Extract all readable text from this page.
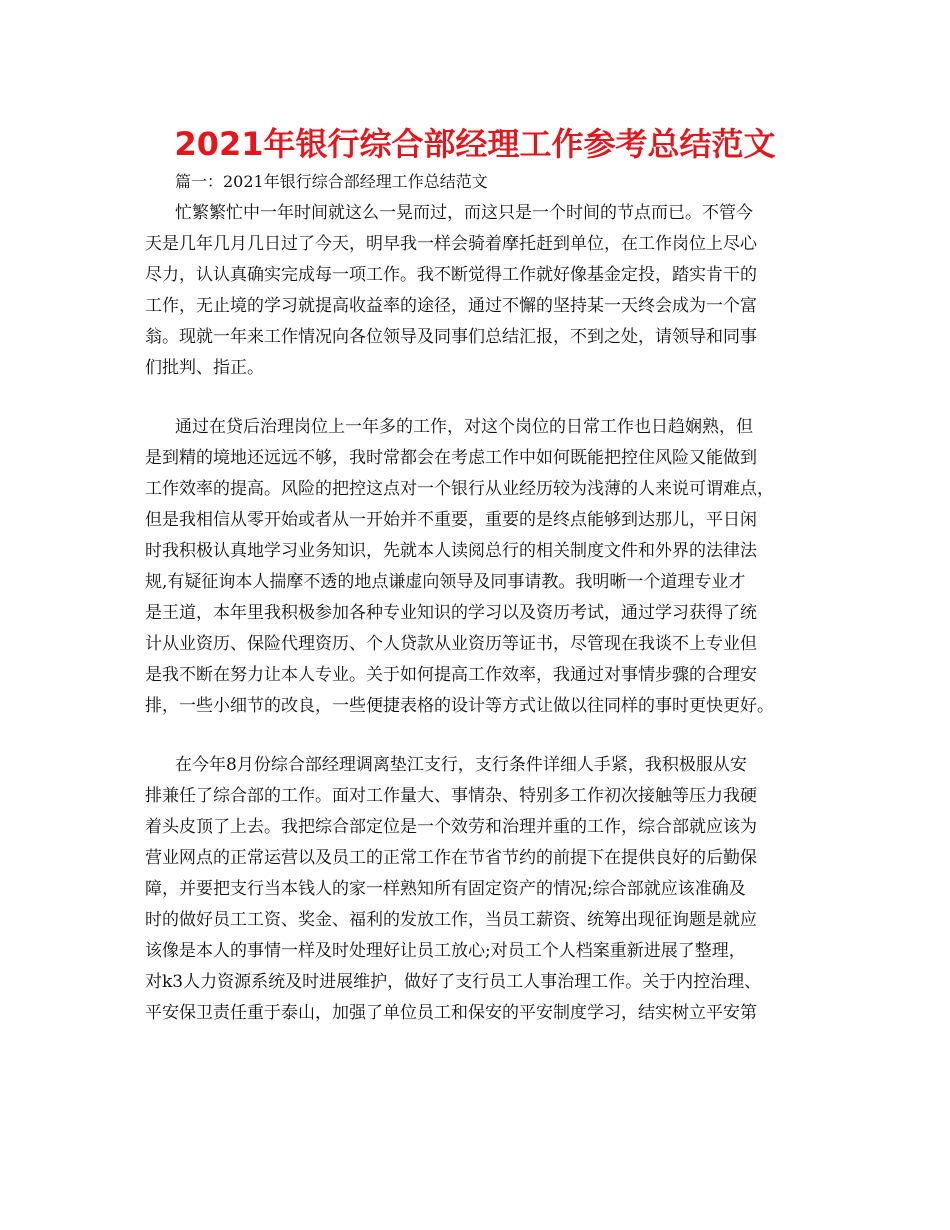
2021年银行综合部经理工作参考总结范文
篇一：2021年银行综合部经理工作总结范文
忙繁繁忙中一年时间就这么一晃而过，而这只是一个时间的节点而已。不管今
天是几年几月几日过了今天，明早我一样会骑着摩托赶到单位，在工作岗位上尽心
尽力，认认真确实完成每一项工作。我不断觉得工作就好像基金定投，踏实肯干的
工作，无止境的学习就提高收益率的途径，通过不懈的坚持某一天终会成为一个富
翁。现就一年来工作情况向各位领导及同事们总结汇报，不到之处，请领导和同事
们批判、指正。
通过在贷后治理岗位上一年多的工作，对这个岗位的日常工作也日趋娴熟，但
是到精的境地还远远不够，我时常都会在考虑工作中如何既能把控住风险又能做到
工作效率的提高。风险的把控这点对一个银行从业经历较为浅薄的人来说可谓难点，
但是我相信从零开始或者从一开始并不重要，重要的是终点能够到达那儿，平日闲
时我积极认真地学习业务知识，先就本人读阅总行的相关制度文件和外界的法律法
规,有疑征询本人揣摩不透的地点谦虚向领导及同事请教。我明晰一个道理专业才
是王道，本年里我积极参加各种专业知识的学习以及资历考试，通过学习获得了统
计从业资历、保险代理资历、个人贷款从业资历等证书，尽管现在我谈不上专业但
是我不断在努力让本人专业。关于如何提高工作效率，我通过对事情步骤的合理安
排，一些小细节的改良，一些便捷表格的设计等方式让做以往同样的事时更快更好。
在今年8月份综合部经理调离垫江支行，支行条件详细人手紧，我积极服从安
排兼任了综合部的工作。面对工作量大、事情杂、特别多工作初次接触等压力我硬
着头皮顶了上去。我把综合部定位是一个效劳和治理并重的工作，综合部就应该为
营业网点的正常运营以及员工的正常工作在节省节约的前提下在提供良好的后勤保
障，并要把支行当本钱人的家一样熟知所有固定资产的情况;综合部就应该准确及
时的做好员工工资、奖金、福利的发放工作，当员工薪资、统筹出现征询题是就应
该像是本人的事情一样及时处理好让员工放心;对员工个人档案重新进展了整理，
对k3人力资源系统及时进展维护，做好了支行员工人事治理工作。关于内控治理、
平安保卫责任重于泰山，加强了单位员工和保安的平安制度学习，结实树立平安第
